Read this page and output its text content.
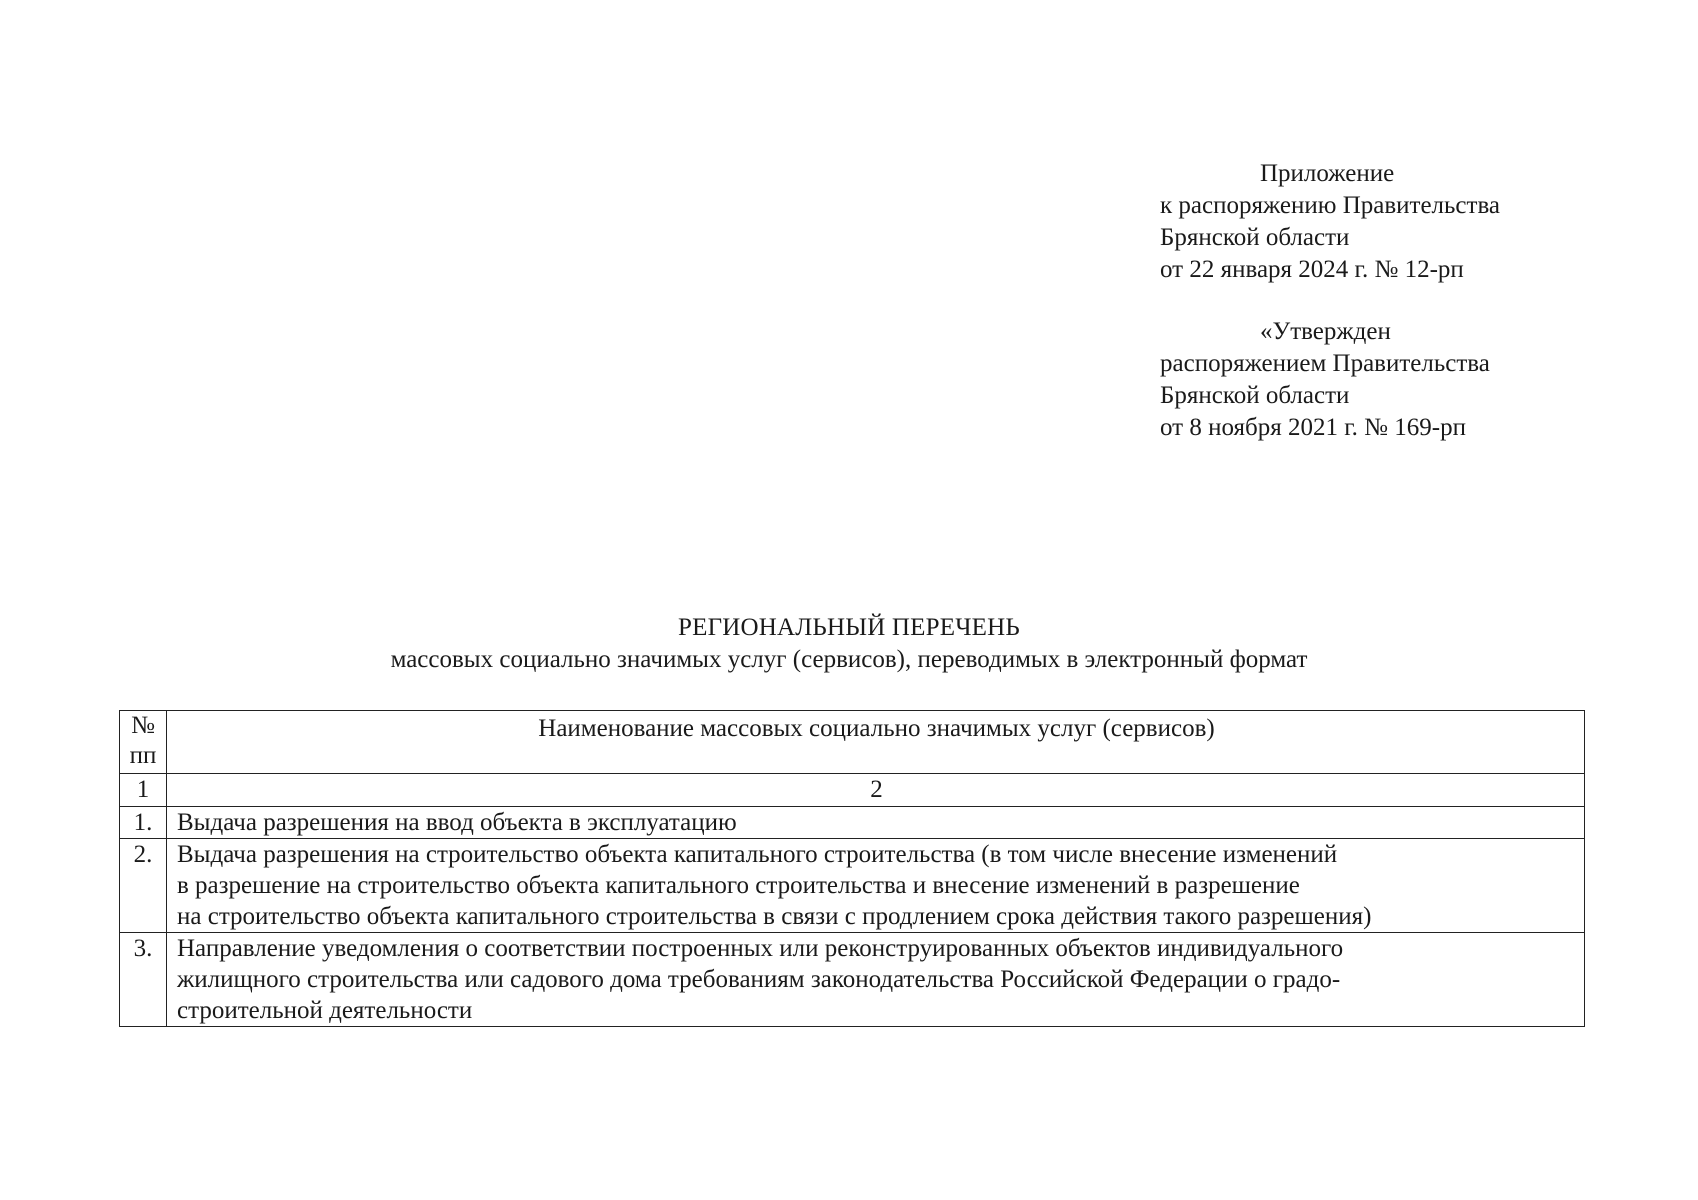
Приложение
к распоряжению Правительства
Брянской области
от 22 января 2024 г. № 12-рп
«Утвержден
распоряжением Правительства
Брянской области
от 8 ноября 2021 г. № 169-рп
РЕГИОНАЛЬНЫЙ ПЕРЕЧЕНЬ
массовых социально значимых услуг (сервисов), переводимых в электронный формат
№
пп	Наименование массовых социально значимых услуг (сервисов)
1	2
1.	Выдача разрешения на ввод объекта в эксплуатацию

2.	Выдача разрешения на строительство объекта капитального строительства (в том числе внесение изменений
в разрешение на строительство объекта капитального строительства и внесение изменений в разрешение
на строительство объекта капитального строительства в связи с продлением срока действия такого разрешения)

3.	Направление уведомления о соответствии построенных или реконструированных объектов индивидуального
жилищного строительства или садового дома требованиям законодательства Российской Федерации о градо-
строительной деятельности
